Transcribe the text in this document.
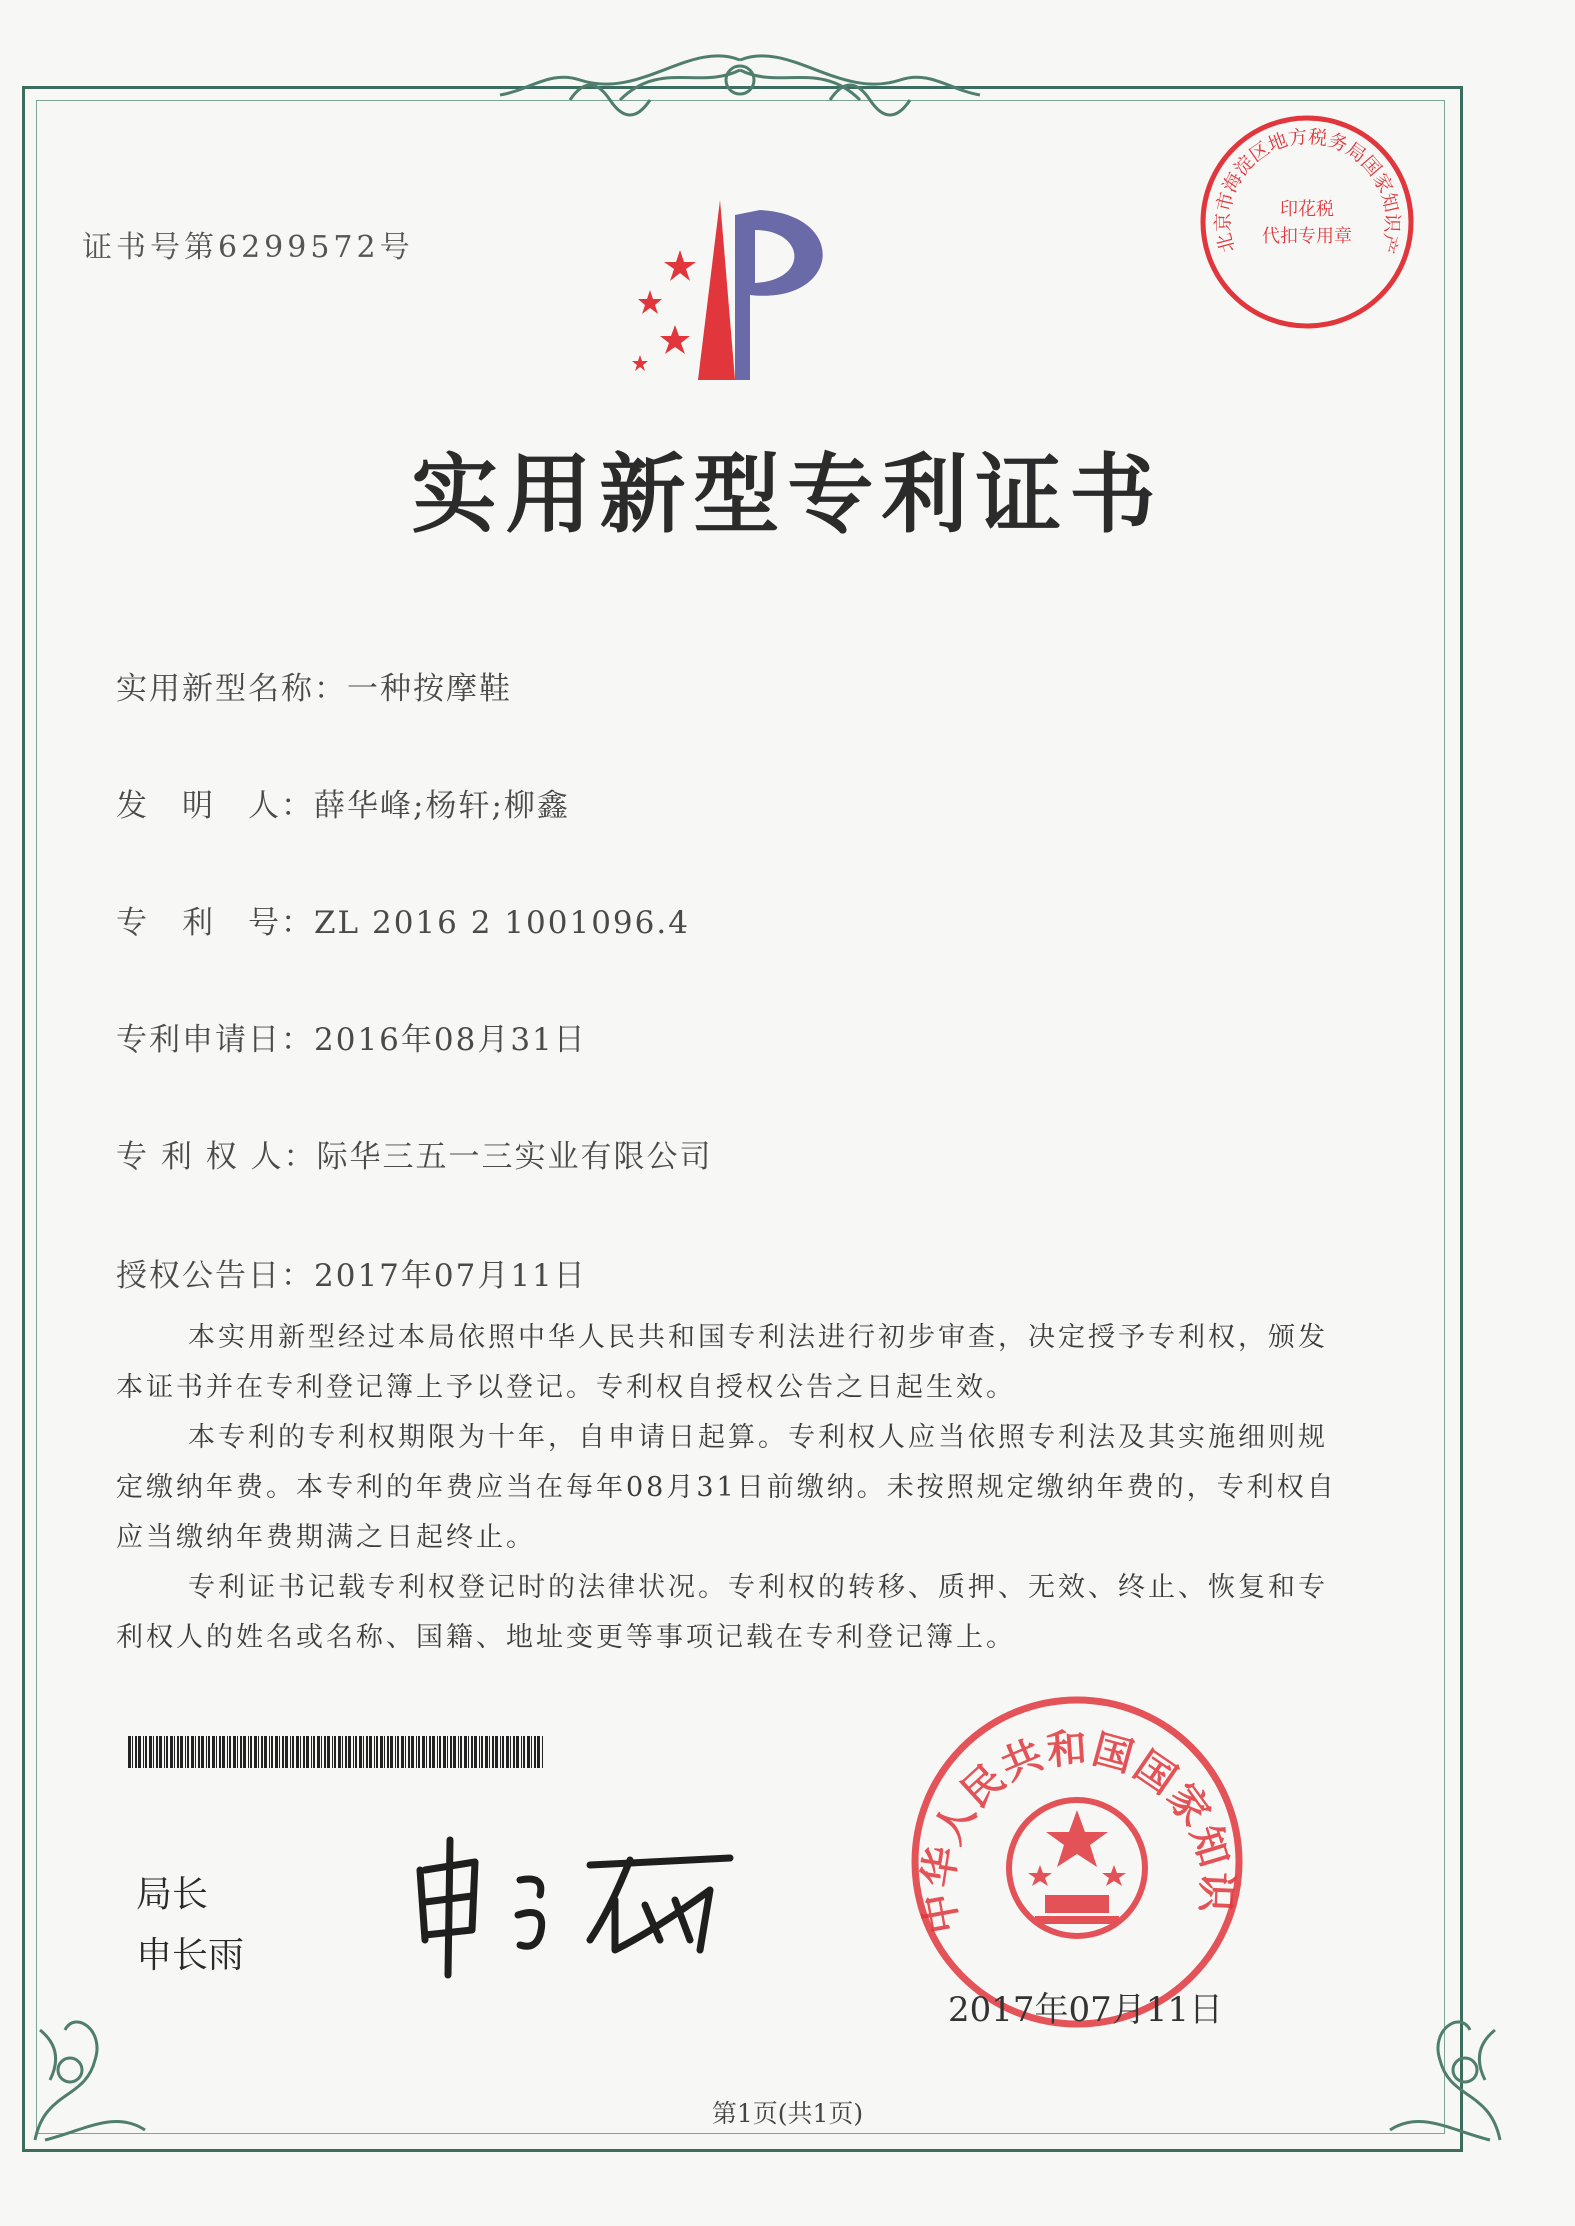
证书号第6299572号	北京市海淀区地方税务局国家知识产
印花税
代扣专用章
实用新型专利证书
实用新型名称：一种按摩鞋
发　明　人：薛华峰;杨轩;柳鑫
专　利　号：ZL 2016 2 1001096.4
专利申请日：2016年08月31日
专 利 权 人：际华三五一三实业有限公司
授权公告日：2017年07月11日

本实用新型经过本局依照中华人民共和国专利法进行初步审查，决定授予专利权，颁发本证书并在专利登记簿上予以登记。专利权自授权公告之日起生效。

本专利的专利权期限为十年，自申请日起算。专利权人应当依照专利法及其实施细则规定缴纳年费。本专利的年费应当在每年08月31日前缴纳。未按照规定缴纳年费的，专利权自应当缴纳年费期满之日起终止。

专利证书记载专利权登记时的法律状况。专利权的转移、质押、无效、终止、恢复和专利权人的姓名或名称、国籍、地址变更等事项记载在专利登记簿上。

局长
申长雨
中华人民共和国国家知识
2017年07月11日
第1页(共1页)
